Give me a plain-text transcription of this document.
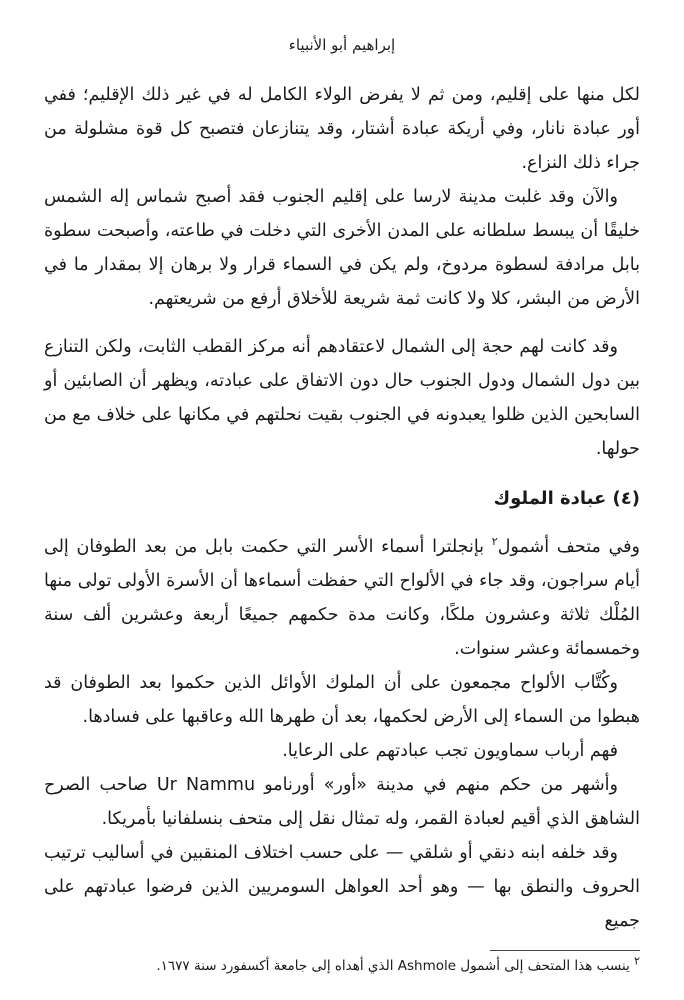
إبراهيم أبو الأنبياء

لكل منها على إقليم، ومن ثم لا يفرض الولاء الكامل له في غير ذلك الإقليم؛ ففي أور عبادة نانار، وفي أريكة عبادة أشتار، وقد يتنازعان فتصبح كل قوة مشلولة من جراء ذلك النزاع.

والآن وقد غلبت مدينة لارسا على إقليم الجنوب فقد أصبح شماس إله الشمس خليقًا أن يبسط سلطانه على المدن الأخرى التي دخلت في طاعته، وأصبحت سطوة بابل مرادفة لسطوة مردوخ، ولم يكن في السماء قرار ولا برهان إلا بمقدار ما في الأرض من البشر، كلا ولا كانت ثمة شريعة للأخلاق أرفع من شريعتهم.

وقد كانت لهم حجة إلى الشمال لاعتقادهم أنه مركز القطب الثابت، ولكن التنازع بين دول الشمال ودول الجنوب حال دون الاتفاق على عبادته، ويظهر أن الصابئين أو السابحين الذين ظلوا يعبدونه في الجنوب بقيت نحلتهم في مكانها على خلاف مع من حولها.

(٤) عبادة الملوك

وفي متحف أشمول$^٢$ بإنجلترا أسماء الأسر التي حكمت بابل من بعد الطوفان إلى أيام سراجون، وقد جاء في الألواح التي حفظت أسماءها أن الأسرة الأولى تولى منها المُلْك ثلاثة وعشرون ملكًا، وكانت مدة حكمهم جميعًا أربعة وعشرين ألف سنة وخمسمائة وعشر سنوات.

وكُتَّاب الألواح مجمعون على أن الملوك الأوائل الذين حكموا بعد الطوفان قد هبطوا من السماء إلى الأرض لحكمها، بعد أن طهرها الله وعاقبها على فسادها.

فهم أرباب سماويون تجب عبادتهم على الرعايا.

وأشهر من حكم منهم في مدينة «أور» أورنامو Ur Nammu صاحب الصرح الشاهق الذي أقيم لعبادة القمر، وله تمثال نقل إلى متحف بنسلفانيا بأمريكا.

وقد خلفه ابنه دنقي أو شلقي — على حسب اختلاف المنقبين في أساليب ترتيب الحروف والنطق بها — وهو أحد العواهل السومريين الذين فرضوا عبادتهم على جميع

$^٢$ ينسب هذا المتحف إلى أشمول Ashmole الذي أهداه إلى جامعة أكسفورد سنة ١٦٧٧.
